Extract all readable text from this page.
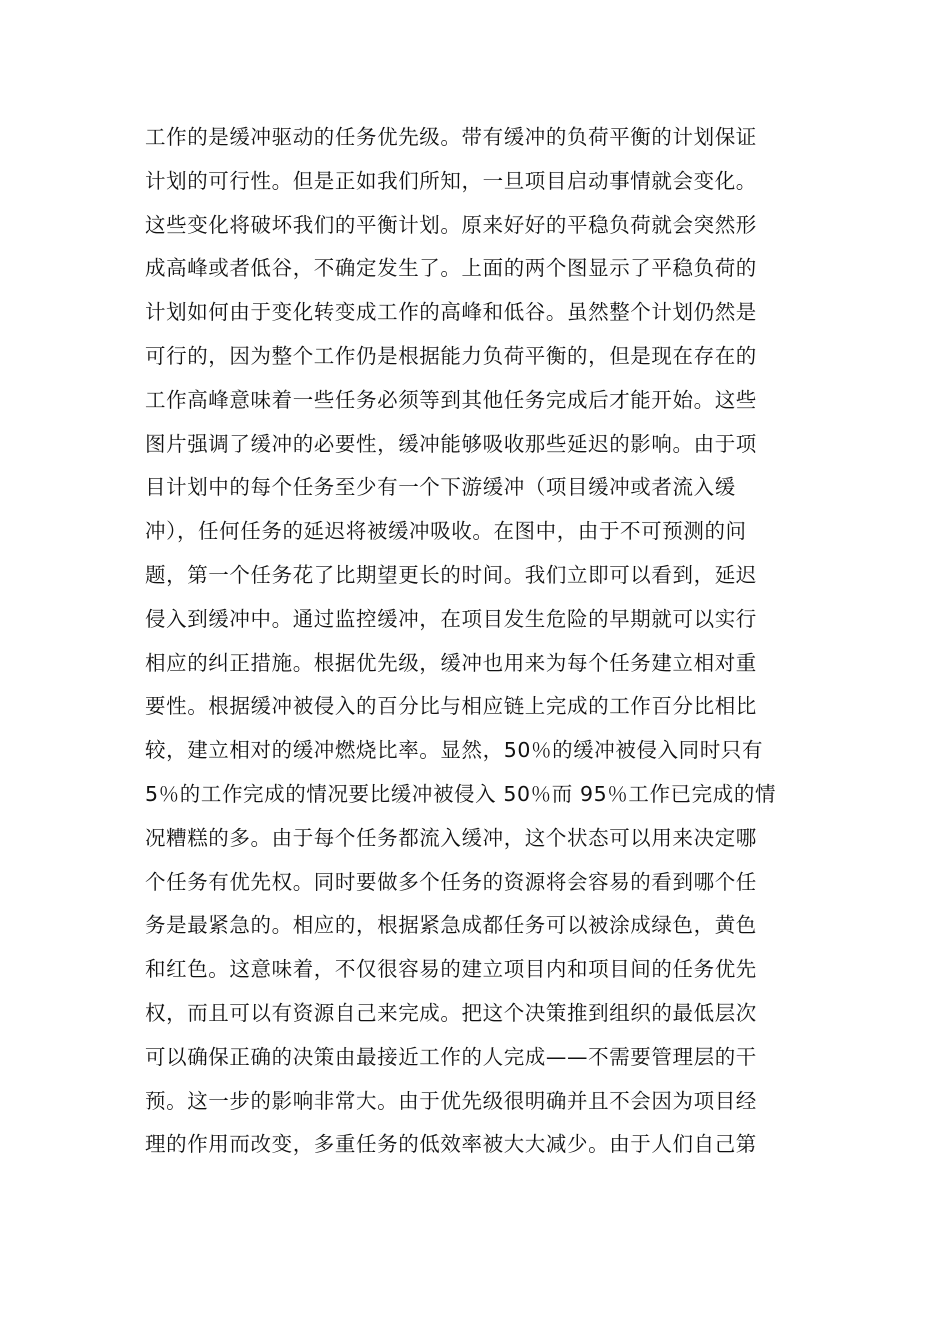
工作的是缓冲驱动的任务优先级。带有缓冲的负荷平衡的计划保证
计划的可行性。但是正如我们所知，一旦项目启动事情就会变化。
这些变化将破坏我们的平衡计划。原来好好的平稳负荷就会突然形
成高峰或者低谷，不确定发生了。上面的两个图显示了平稳负荷的
计划如何由于变化转变成工作的高峰和低谷。虽然整个计划仍然是
可行的，因为整个工作仍是根据能力负荷平衡的，但是现在存在的
工作高峰意味着一些任务必须等到其他任务完成后才能开始。这些
图片强调了缓冲的必要性，缓冲能够吸收那些延迟的影响。由于项
目计划中的每个任务至少有一个下游缓冲（项目缓冲或者流入缓
冲），任何任务的延迟将被缓冲吸收。在图中，由于不可预测的问
题，第一个任务花了比期望更长的时间。我们立即可以看到，延迟
侵入到缓冲中。通过监控缓冲，在项目发生危险的早期就可以实行
相应的纠正措施。根据优先级，缓冲也用来为每个任务建立相对重
要性。根据缓冲被侵入的百分比与相应链上完成的工作百分比相比
较，建立相对的缓冲燃烧比率。显然，50％的缓冲被侵入同时只有
5％的工作完成的情况要比缓冲被侵入 50％而 95％工作已完成的情
况糟糕的多。由于每个任务都流入缓冲，这个状态可以用来决定哪
个任务有优先权。同时要做多个任务的资源将会容易的看到哪个任
务是最紧急的。相应的，根据紧急成都任务可以被涂成绿色，黄色
和红色。这意味着，不仅很容易的建立项目内和项目间的任务优先
权，而且可以有资源自己来完成。把这个决策推到组织的最低层次
可以确保正确的决策由最接近工作的人完成——不需要管理层的干
预。这一步的影响非常大。由于优先级很明确并且不会因为项目经
理的作用而改变，多重任务的低效率被大大减少。由于人们自己第
